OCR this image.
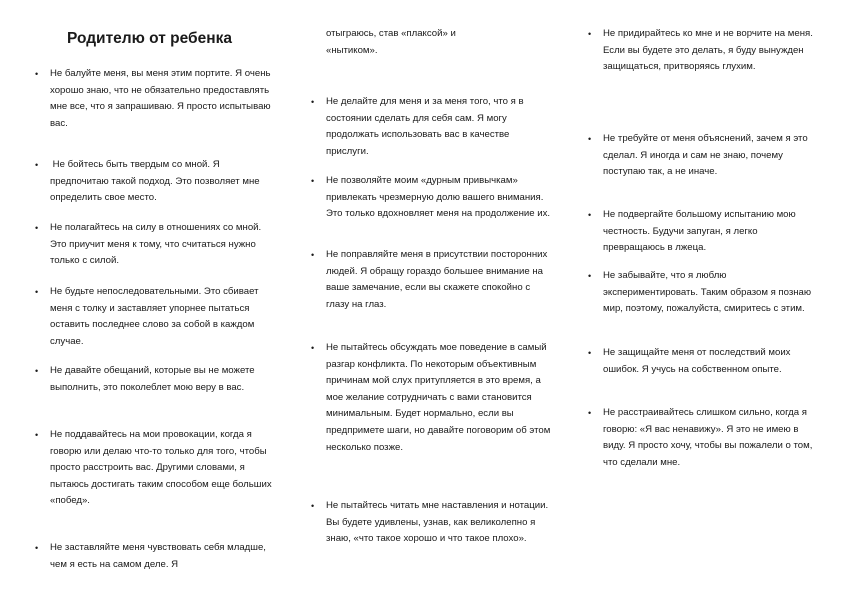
Родителю от ребенка
• Не балуйте меня, вы меня этим портите. Я очень хорошо знаю, что не обязательно предоставлять мне все, что я запрашиваю. Я просто испытываю вас.
• Не бойтесь быть твердым со мной. Я предпочитаю такой подход. Это позволяет мне определить свое место.
• Не полагайтесь на силу в отношениях со мной. Это приучит меня к тому, что считаться нужно только с силой.
• Не будьте непоследовательными. Это сбивает меня с толку и заставляет упорнее пытаться оставить последнее слово за собой в каждом случае.
• Не давайте обещаний, которые вы не можете выполнить, это поколеблет мою веру в вас.
• Не поддавайтесь на мои провокации, когда я говорю или делаю что-то только для того, чтобы просто расстроить вас. Другими словами, я пытаюсь достигать таким способом еще больших «побед».
• Не заставляйте меня чувствовать себя младше, чем я есть на самом деле. Я
отыграюсь, став «плаксой» и «нытиком».
• Не делайте для меня и за меня того, что я в состоянии сделать для себя сам. Я могу продолжать использовать вас в качестве прислуги.
• Не позволяйте моим «дурным привычкам» привлекать чрезмерную долю вашего внимания. Это только вдохновляет меня на продолжение их.
• Не поправляйте меня в присутствии посторонних людей. Я обращу гораздо большее внимание на ваше замечание, если вы скажете спокойно с глазу на глаз.
• Не пытайтесь обсуждать мое поведение в самый разгар конфликта. По некоторым объективным причинам мой слух притупляется в это время, а мое желание сотрудничать с вами становится минимальным. Будет нормально, если вы предпримете шаги, но давайте поговорим об этом несколько позже.
• Не пытайтесь читать мне наставления и нотации. Вы будете удивлены, узнав, как великолепно я знаю, «что такое хорошо и что такое плохо».
• Не придирайтесь ко мне и не ворчите на меня. Если вы будете это делать, я буду вынужден защищаться, притворяясь глухим.
• Не требуйте от меня объяснений, зачем я это сделал. Я иногда и сам не знаю, почему поступаю так, а не иначе.
• Не подвергайте большому испытанию мою честность. Будучи запуган, я легко превращаюсь в лжеца.
• Не забывайте, что я люблю экспериментировать. Таким образом я познаю мир, поэтому, пожалуйста, смиритесь с этим.
• Не защищайте меня от последствий моих ошибок. Я учусь на собственном опыте.
• Не расстраивайтесь слишком сильно, когда я говорю: «Я вас ненавижу». Я это не имею в виду. Я просто хочу, чтобы вы пожалели о том, что сделали мне.
